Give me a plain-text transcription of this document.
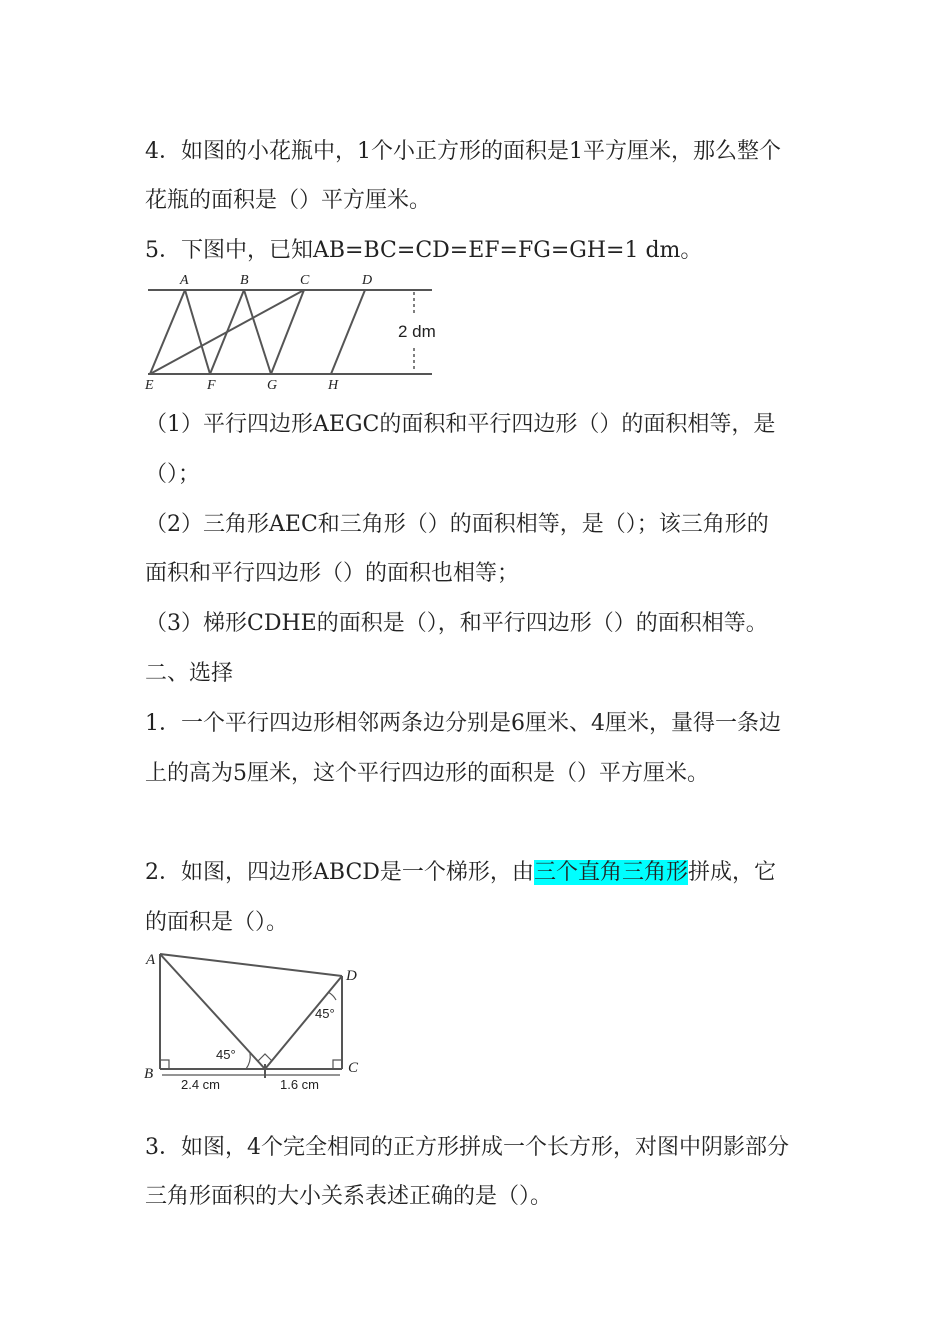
4．如图的小花瓶中，1个小正方形的面积是1平方厘米，那么整个
花瓶的面积是（）平方厘米。
5．下图中，已知AB=BC=CD=EF=FG=GH=1 dm。
A	B	C	D
E	F	G	H
2 dm
（1）平行四边形AEGC的面积和平行四边形（）的面积相等，是
（）；
（2）三角形AEC和三角形（）的面积相等，是（）；该三角形的
面积和平行四边形（）的面积也相等；
（3）梯形CDHE的面积是（），和平行四边形（）的面积相等。
二、选择
1．一个平行四边形相邻两条边分别是6厘米、4厘米，量得一条边
上的高为5厘米，这个平行四边形的面积是（）平方厘米。
2．如图，四边形ABCD是一个梯形，由三个直角三角形拼成，它
的面积是（）。
A
B	C
D
45°
45°
2.4 cm	1.6 cm
3．如图，4个完全相同的正方形拼成一个长方形，对图中阴影部分
三角形面积的大小关系表述正确的是（）。
